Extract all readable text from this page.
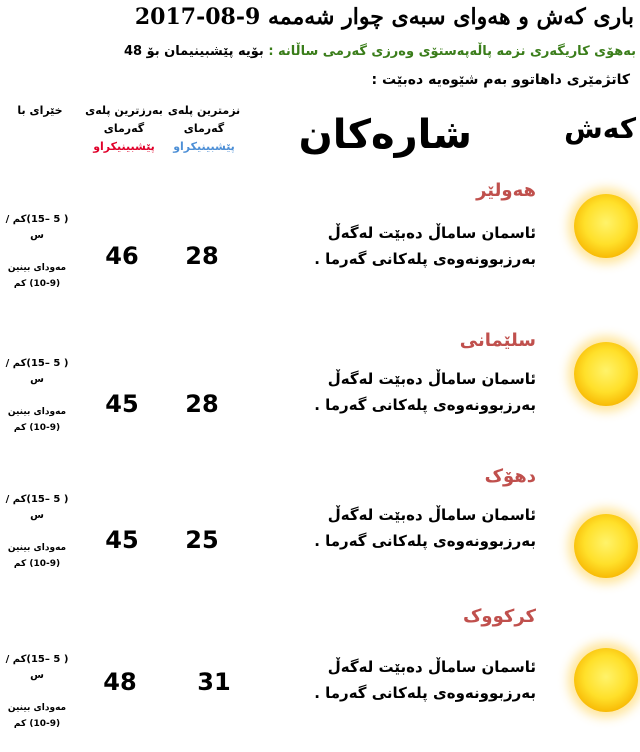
باری کەش و هەوای سبەی چوار شەممە 9-08-2017
بەهۆی کاریگەری نزمە پاڵەپەستۆی وەرزی گەرمی ساڵانە : بۆیە پێشبینیمان بۆ 48
کاتژمێری داهاتوو بەم شێوەیە دەبێت :
کەش
شارەکان
نزمترین پلەی
گەرمای
پێشبینیکراو
بەرزترین پلەی
گەرمای
پێشبینیکراو
خێرای با
هەولێر
ئاسمان ساماڵ دەبێت لەگەڵ
بەرزبوونەوەی پلەکانی گەرما .
28
46
( 5 –15)کم /س
مەودای بینین
(10-9) کم
سلێمانی
ئاسمان ساماڵ دەبێت لەگەڵ
بەرزبوونەوەی پلەکانی گەرما .
28
45
( 5 –15)کم /س
مەودای بینین
(10-9) کم
دهۆک
ئاسمان ساماڵ دەبێت لەگەڵ
بەرزبوونەوەی پلەکانی گەرما .
25
45
( 5 –15)کم /س
مەودای بینین
(10-9) کم
کرکووک
ئاسمان ساماڵ دەبێت لەگەڵ
بەرزبوونەوەی پلەکانی گەرما .
31
48
( 5 –15)کم /س
مەودای بینین
(10-9) کم
